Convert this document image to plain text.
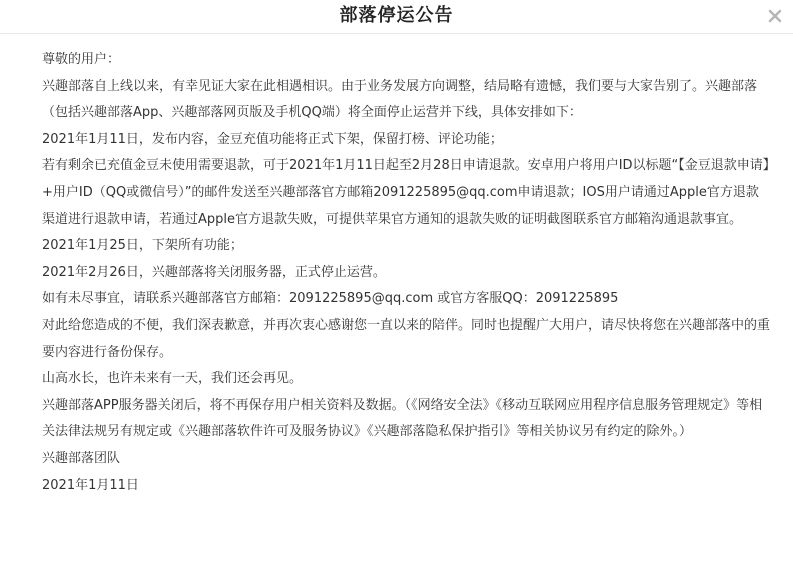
部落停运公告

尊敬的用户：

兴趣部落自上线以来，有幸见证大家在此相遇相识。由于业务发展方向调整，结局略有遗憾，我们要与大家告别了。兴趣部落（包括兴趣部落App、兴趣部落网页版及手机QQ端）将全面停止运营并下线，具体安排如下：

2021年1月11日，发布内容，金豆充值功能将正式下架，保留打榜、评论功能；

若有剩余已充值金豆未使用需要退款，可于2021年1月11日起至2月28日申请退款。安卓用户将用户ID以标题“【金豆退款申请】+用户ID（QQ或微信号）”的邮件发送至兴趣部落官方邮箱2091225895@qq.com申请退款；IOS用户请通过Apple官方退款渠道进行退款申请，若通过Apple官方退款失败，可提供苹果官方通知的退款失败的证明截图联系官方邮箱沟通退款事宜。

2021年1月25日，下架所有功能；

2021年2月26日，兴趣部落将关闭服务器，正式停止运营。

如有未尽事宜，请联系兴趣部落官方邮箱：2091225895@qq.com 或官方客服QQ：2091225895

对此给您造成的不便，我们深表歉意，并再次衷心感谢您一直以来的陪伴。同时也提醒广大用户，请尽快将您在兴趣部落中的重要内容进行备份保存。

山高水长，也许未来有一天，我们还会再见。

兴趣部落APP服务器关闭后，将不再保存用户相关资料及数据。（《网络安全法》《移动互联网应用程序信息服务管理规定》等相关法律法规另有规定或《兴趣部落软件许可及服务协议》《兴趣部落隐私保护指引》等相关协议另有约定的除外。）

兴趣部落团队

2021年1月11日
